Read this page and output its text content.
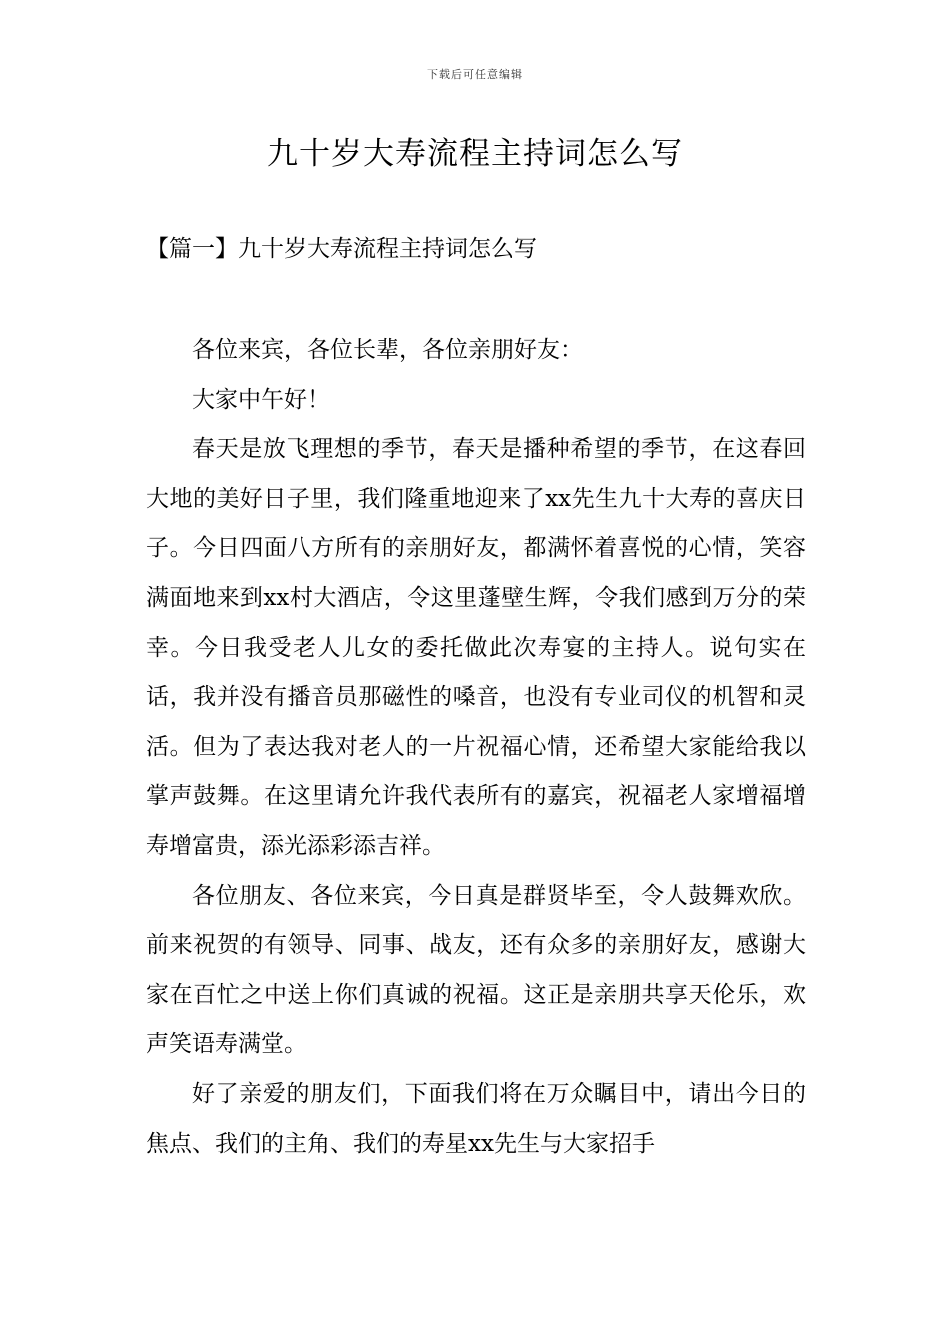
下载后可任意编辑
九十岁大寿流程主持词怎么写
【篇一】九十岁大寿流程主持词怎么写

各位来宾，各位长辈，各位亲朋好友：

大家中午好！

春天是放飞理想的季节，春天是播种希望的季节，在这春回大地的美好日子里，我们隆重地迎来了xx先生九十大寿的喜庆日子。今日四面八方所有的亲朋好友，都满怀着喜悦的心情，笑容满面地来到xx村大酒店，令这里蓬壁生辉，令我们感到万分的荣幸。今日我受老人儿女的委托做此次寿宴的主持人。说句实在话，我并没有播音员那磁性的嗓音，也没有专业司仪的机智和灵活。但为了表达我对老人的一片祝福心情，还希望大家能给我以掌声鼓舞。在这里请允许我代表所有的嘉宾，祝福老人家增福增寿增富贵，添光添彩添吉祥。

各位朋友、各位来宾，今日真是群贤毕至，令人鼓舞欢欣。前来祝贺的有领导、同事、战友，还有众多的亲朋好友，感谢大家在百忙之中送上你们真诚的祝福。这正是亲朋共享天伦乐，欢声笑语寿满堂。

好了亲爱的朋友们，下面我们将在万众瞩目中，请出今日的焦点、我们的主角、我们的寿星xx先生与大家招手
